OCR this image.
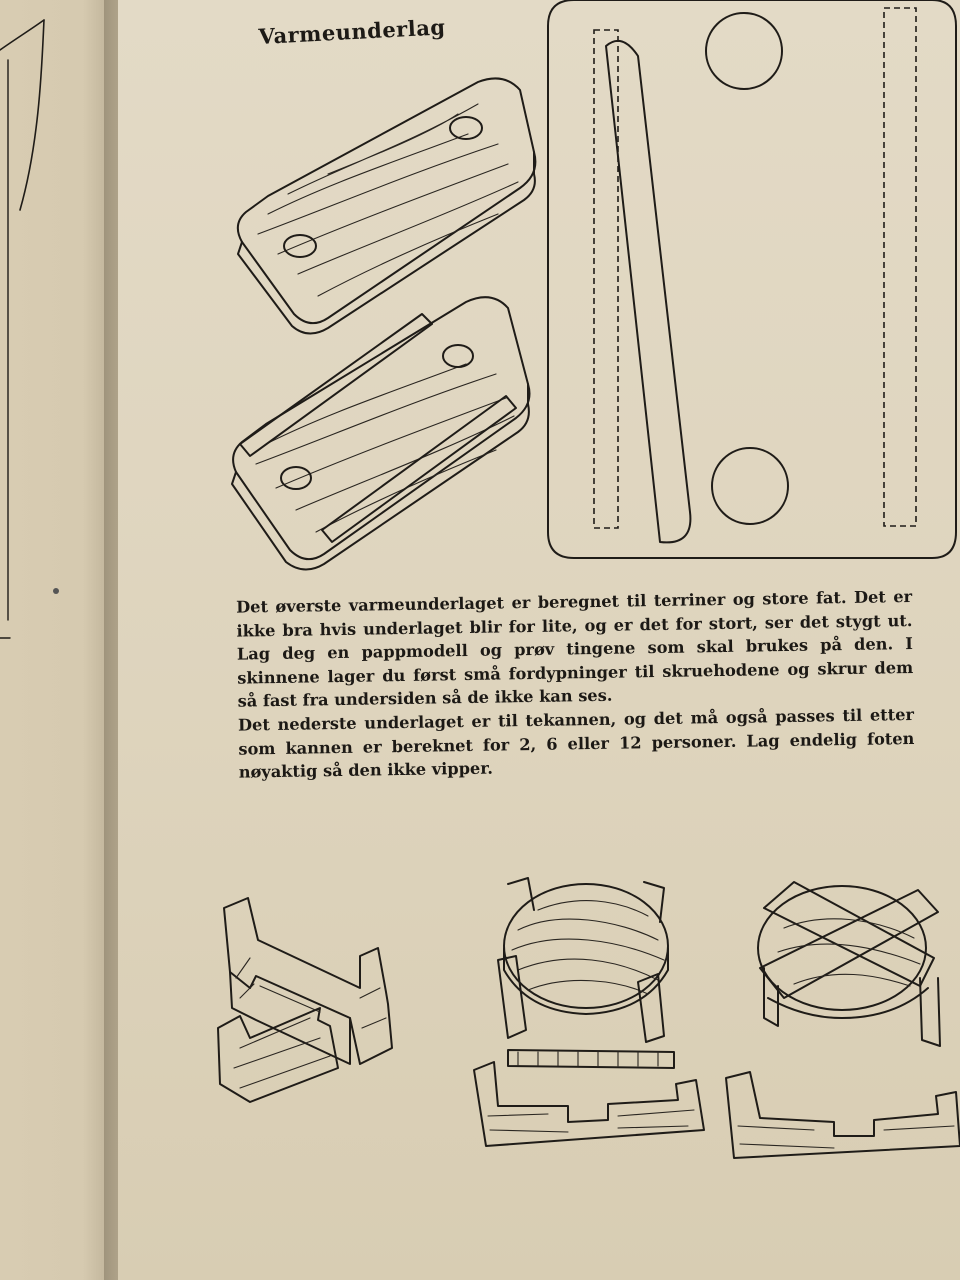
Varmeunderlag

Det øverste varmeunderlaget er beregnet til terriner og store fat. Det er ikke bra hvis underlaget blir for lite, og er det for stort, ser det stygt ut. Lag deg en pappmodell og prøv tingene som skal brukes på den. I skinnene lager du først små fordypninger til skruehodene og skrur dem så fast fra undersiden så de ikke kan ses.

Det nederste underlaget er til tekannen, og det må også passes til etter som kannen er bereknet for 2, 6 eller 12 personer. Lag endelig foten nøyaktig så den ikke vipper.
